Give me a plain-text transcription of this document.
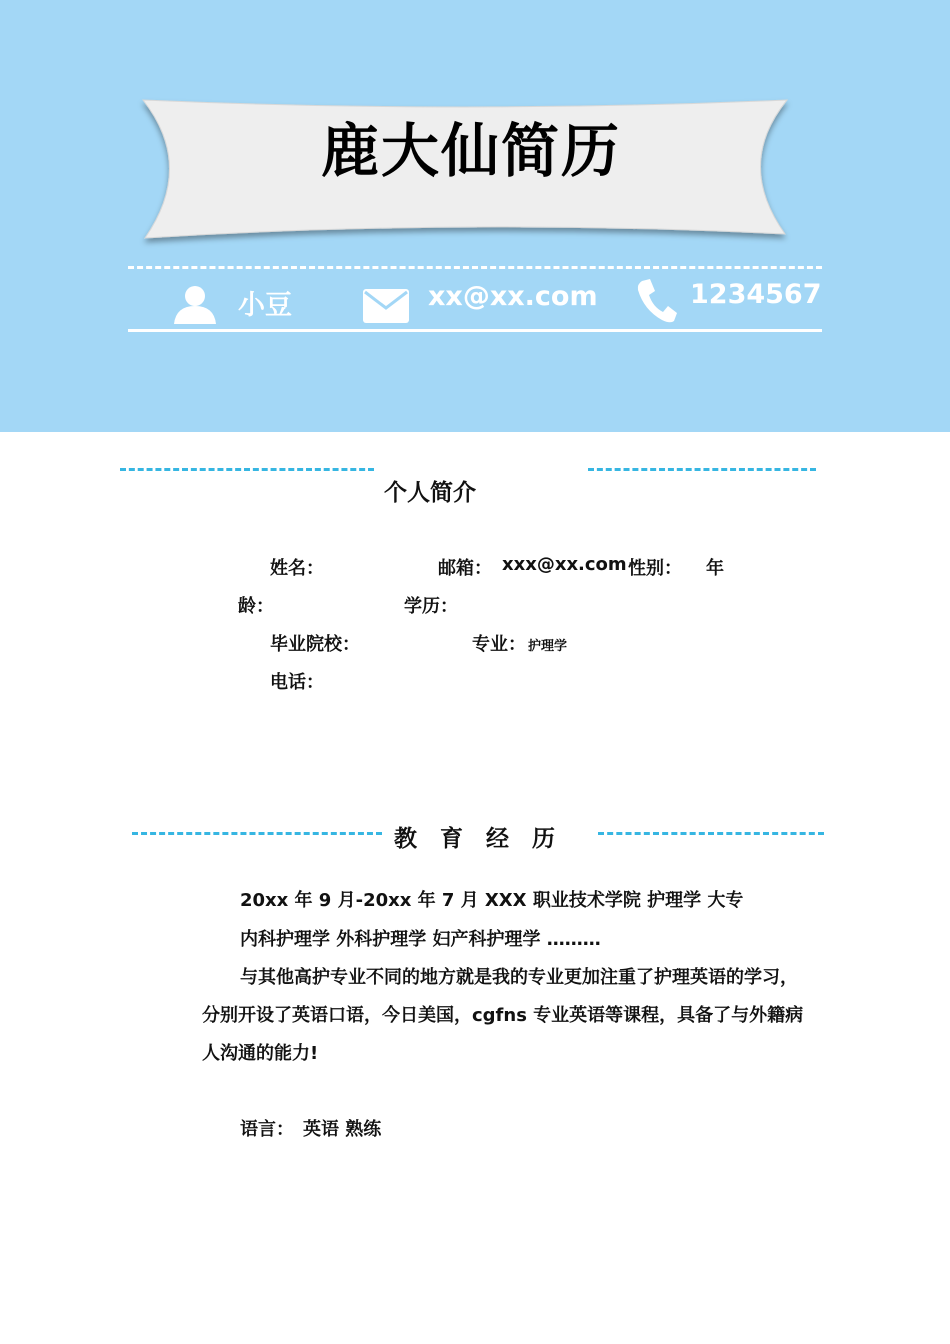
鹿大仙简历
小豆	xx@xx.com	1234567
个人简介
姓名：	邮箱： xxx@xx.com 性别： 年
龄：	学历：
毕业院校：	专业： 护理学
电话：
教　育　经　历
20xx 年 9 月-20xx 年 7 月 XXX 职业技术学院 护理学 大专
内科护理学 外科护理学 妇产科护理学 ………
与其他高护专业不同的地方就是我的专业更加注重了护理英语的学习，
分别开设了英语口语，今日美国，cgfns 专业英语等课程，具备了与外籍病
人沟通的能力!
语言： 英语 熟练
